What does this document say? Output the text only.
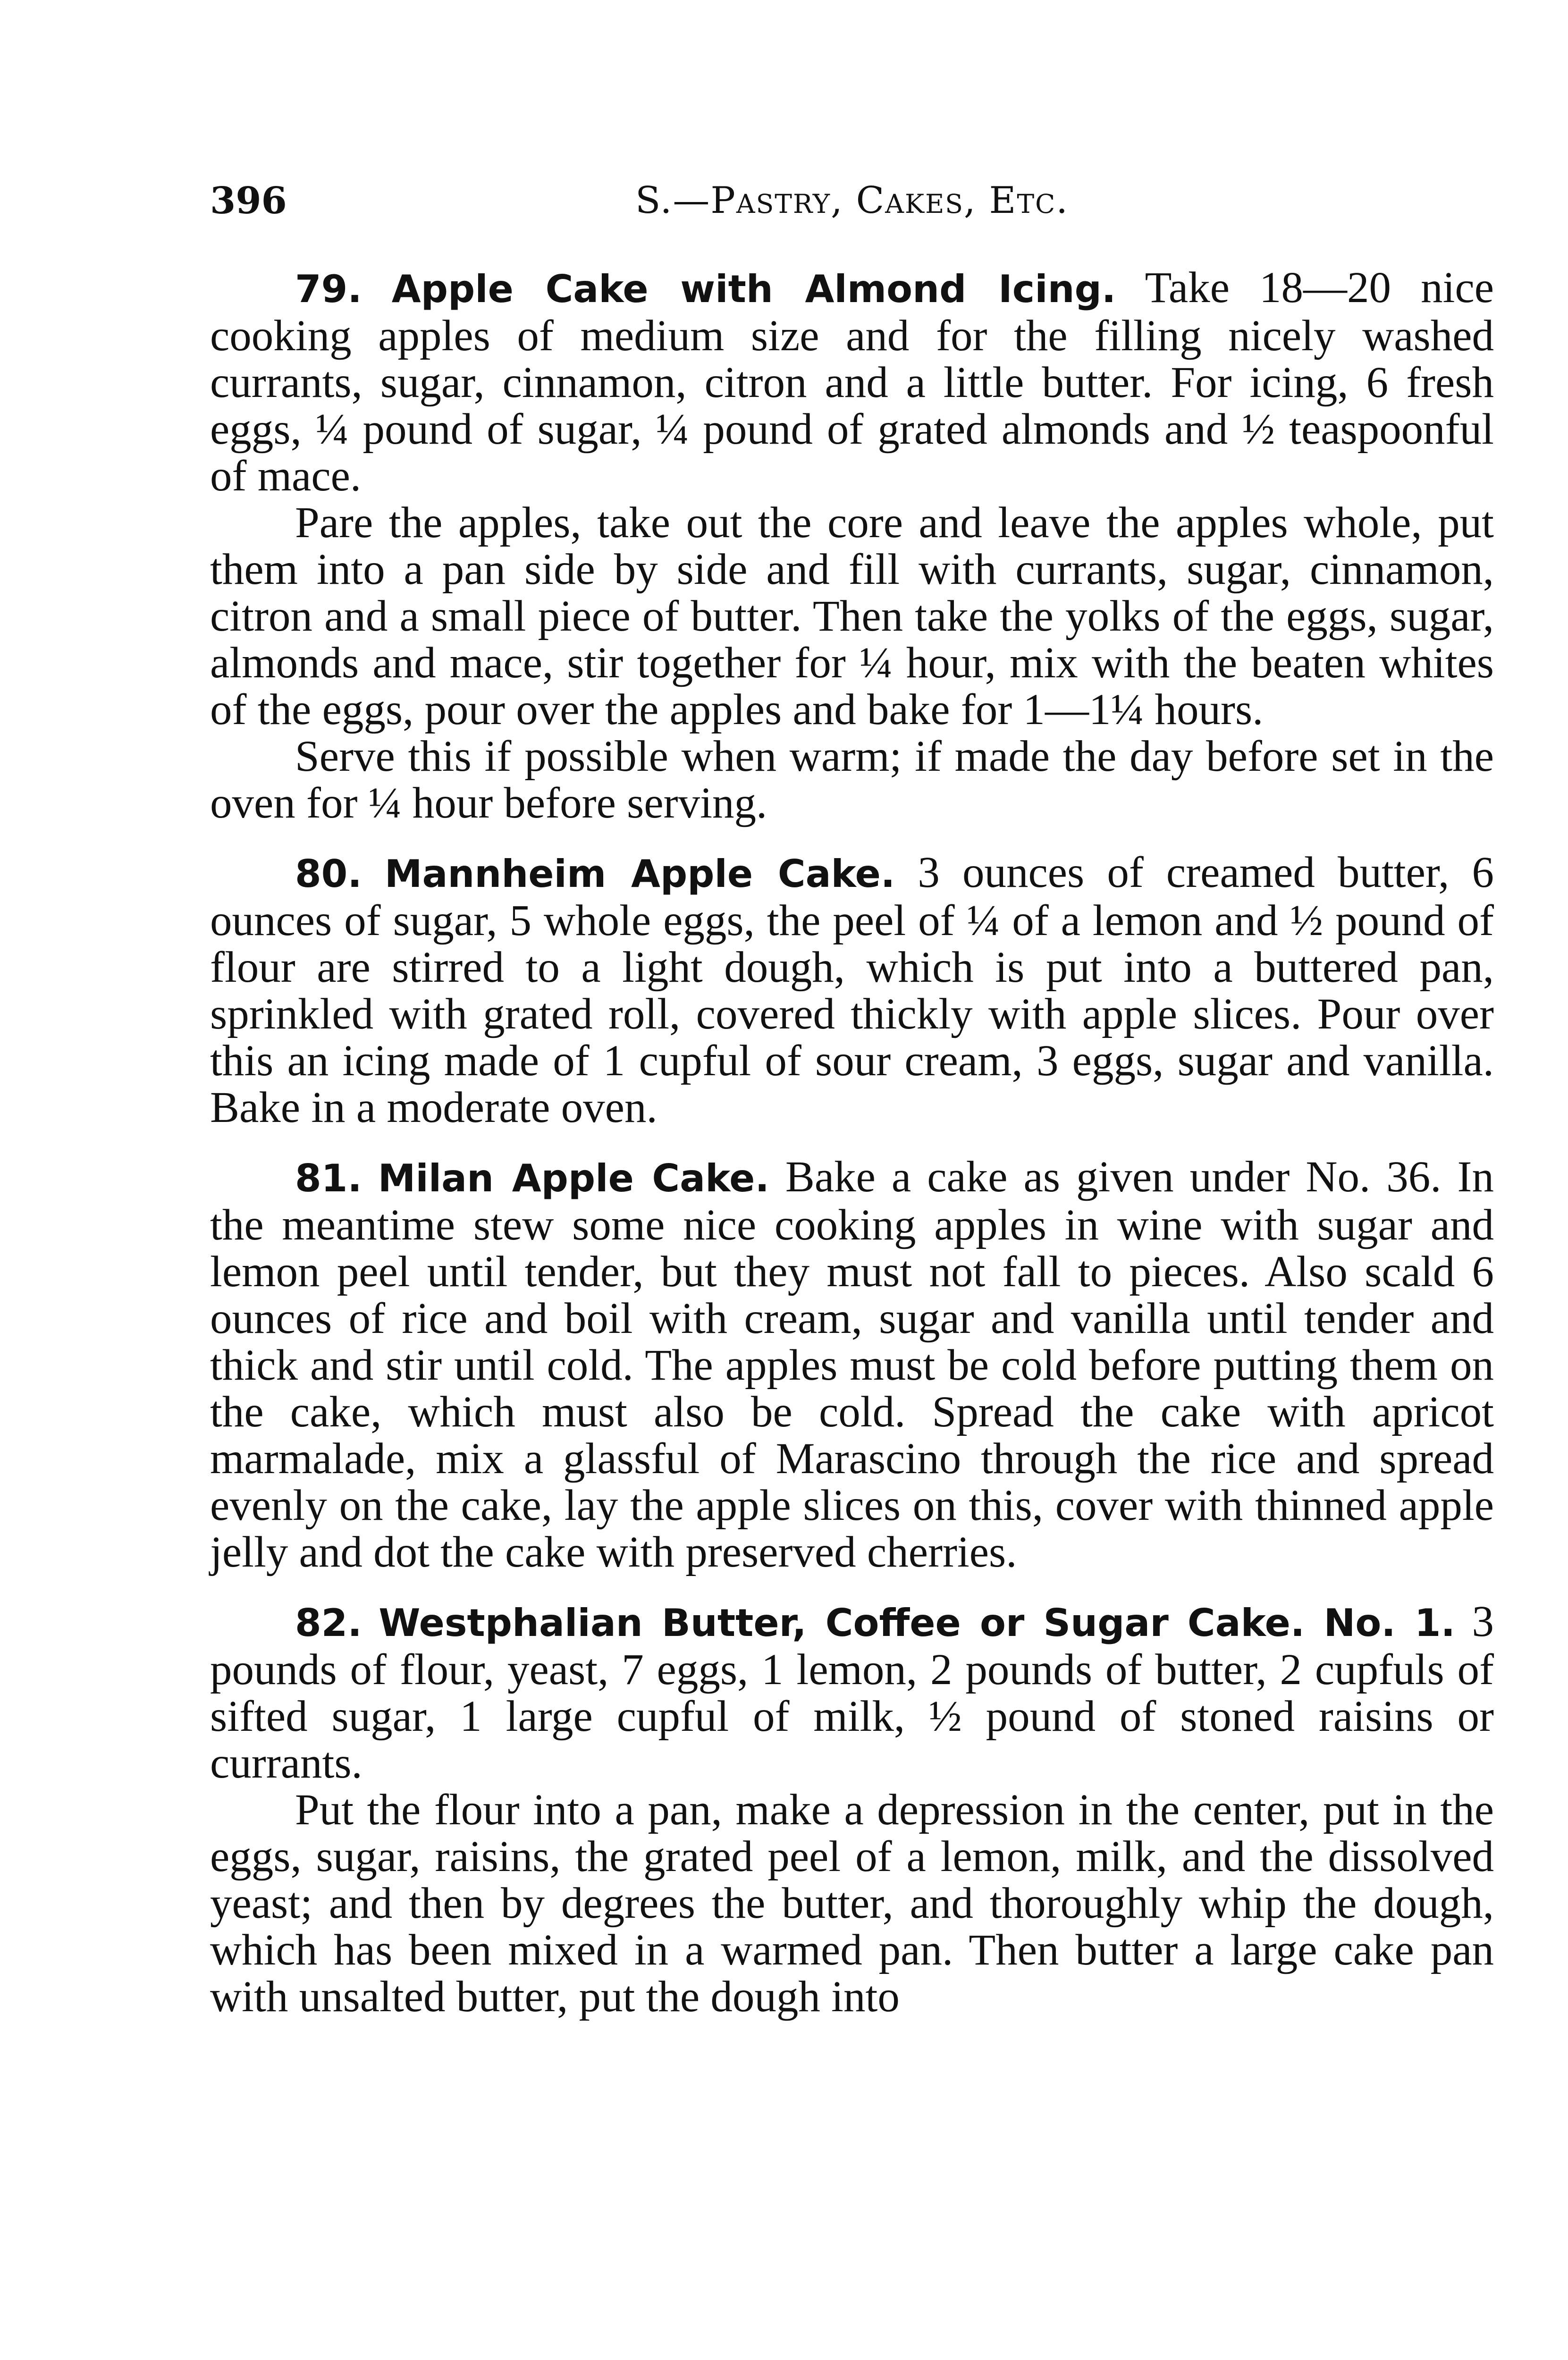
396	S.—Pastry, Cakes, Etc.

79. Apple Cake with Almond Icing. Take 18—20 nice cooking apples of medium size and for the filling nicely washed currants, sugar, cinnamon, citron and a little butter. For icing, 6 fresh eggs, ¼ pound of sugar, ¼ pound of grated almonds and ½ teaspoonful of mace.

Pare the apples, take out the core and leave the apples whole, put them into a pan side by side and fill with currants, sugar, cinnamon, citron and a small piece of butter. Then take the yolks of the eggs, sugar, almonds and mace, stir together for ¼ hour, mix with the beaten whites of the eggs, pour over the apples and bake for 1—1¼ hours.

Serve this if possible when warm; if made the day before set in the oven for ¼ hour before serving.

80. Mannheim Apple Cake. 3 ounces of creamed butter, 6 ounces of sugar, 5 whole eggs, the peel of ¼ of a lemon and ½ pound of flour are stirred to a light dough, which is put into a buttered pan, sprinkled with grated roll, covered thickly with apple slices. Pour over this an icing made of 1 cupful of sour cream, 3 eggs, sugar and vanilla. Bake in a moderate oven.

81. Milan Apple Cake. Bake a cake as given under No. 36. In the meantime stew some nice cooking apples in wine with sugar and lemon peel until tender, but they must not fall to pieces. Also scald 6 ounces of rice and boil with cream, sugar and vanilla until tender and thick and stir until cold. The apples must be cold before putting them on the cake, which must also be cold. Spread the cake with apricot marmalade, mix a glassful of Marascino through the rice and spread evenly on the cake, lay the apple slices on this, cover with thinned apple jelly and dot the cake with preserved cherries.

82. Westphalian Butter, Coffee or Sugar Cake. No. 1. 3 pounds of flour, yeast, 7 eggs, 1 lemon, 2 pounds of butter, 2 cupfuls of sifted sugar, 1 large cupful of milk, ½ pound of stoned raisins or currants.

Put the flour into a pan, make a depression in the center, put in the eggs, sugar, raisins, the grated peel of a lemon, milk, and the dissolved yeast; and then by degrees the butter, and thoroughly whip the dough, which has been mixed in a warmed pan. Then butter a large cake pan with unsalted butter, put the dough into
